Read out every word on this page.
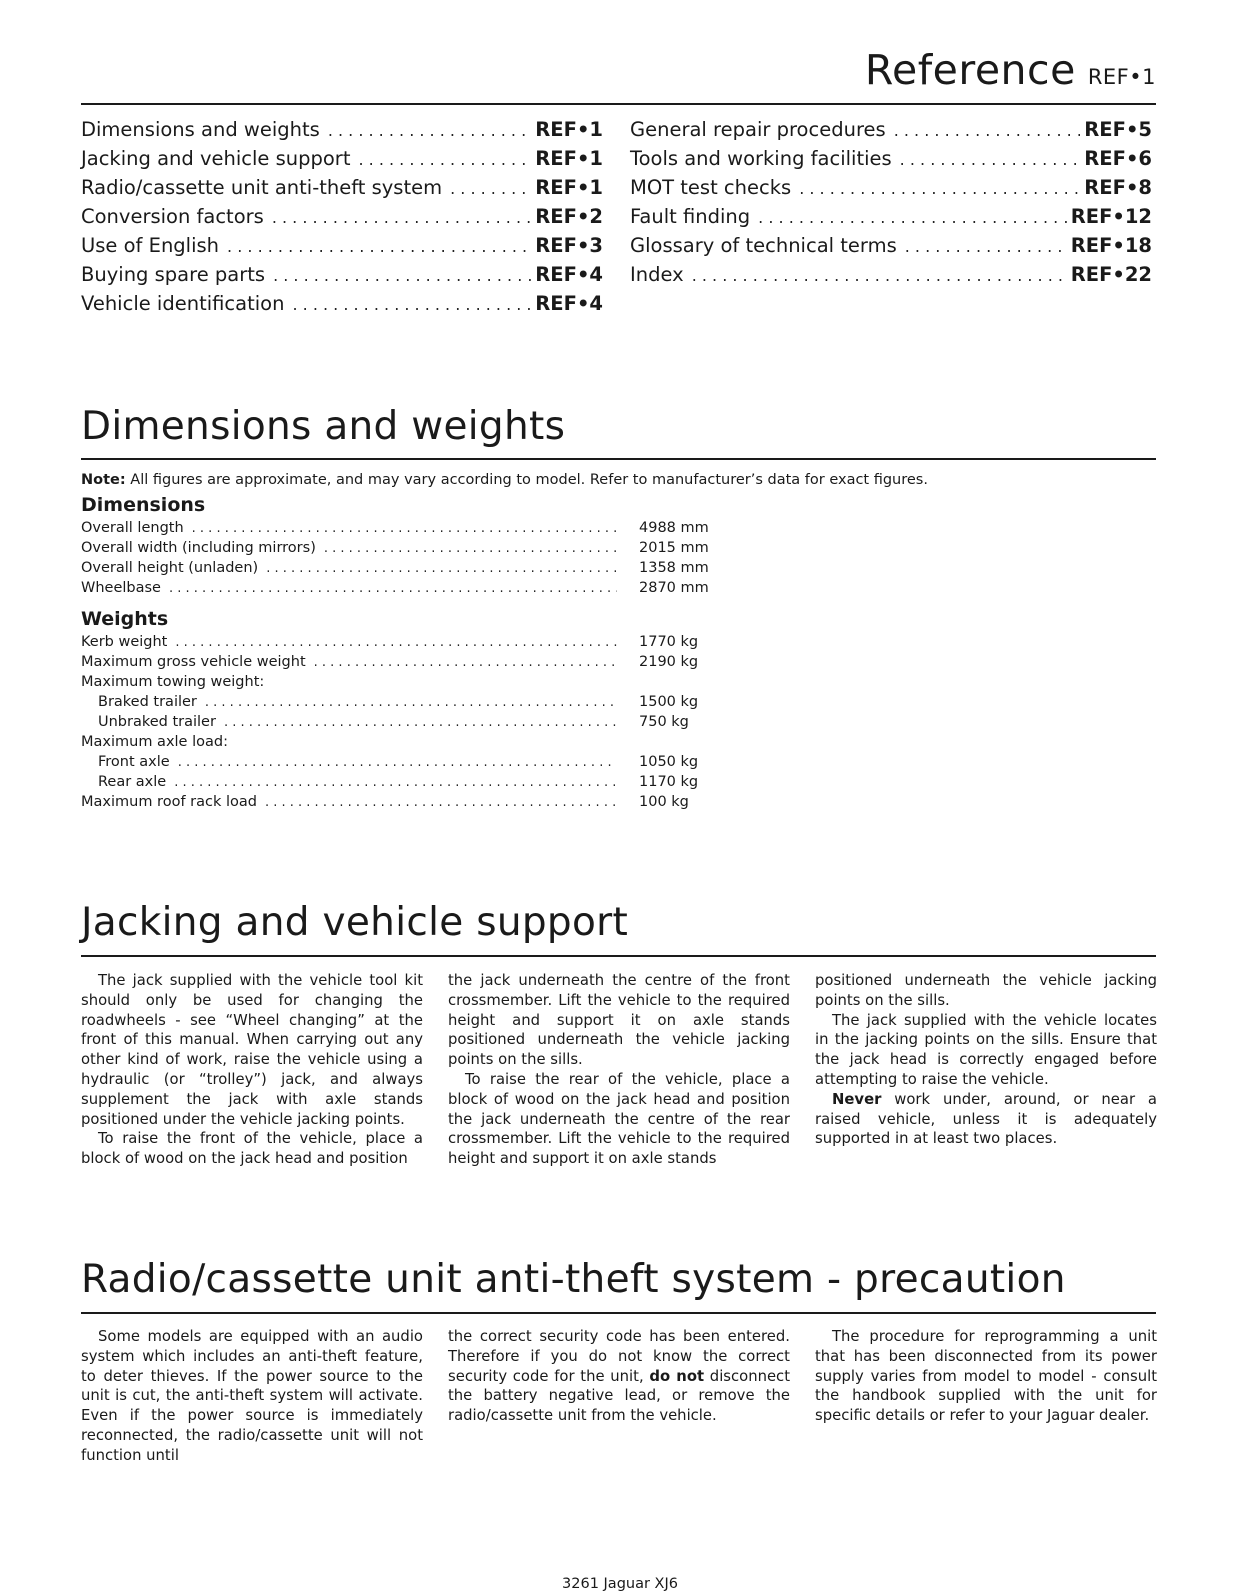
Reference REF•1
Dimensions and weights . . .	REF•1
Jacking and vehicle support . . .	REF•1
Radio/cassette unit anti-theft system . . .	REF•1
Conversion factors . . .	REF•2
Use of English . . .	REF•3
Buying spare parts . . .	REF•4
Vehicle identification . . .	REF•4
General repair procedures . . .	REF•5
Tools and working facilities . . .	REF•6
MOT test checks . . .	REF•8
Fault finding . . .	REF•12
Glossary of technical terms . . .	REF•18
Index . . .	REF•22
Dimensions and weights
Note: All figures are approximate, and may vary according to model. Refer to manufacturer’s data for exact figures.
Dimensions
Overall length . . .	4988 mm
Overall width (including mirrors) . . .	2015 mm
Overall height (unladen) . . .	1358 mm
Wheelbase . . .	2870 mm
Weights
Kerb weight . . .	1770 kg
Maximum gross vehicle weight . . .	2190 kg
Maximum towing weight:
Braked trailer . . .	1500 kg
Unbraked trailer . . .	750 kg
Maximum axle load:
Front axle . . .	1050 kg
Rear axle . . .	1170 kg
Maximum roof rack load . . .	100 kg
Jacking and vehicle support

The jack supplied with the vehicle tool kit should only be used for changing the roadwheels - see “Wheel changing” at the front of this manual. When carrying out any other kind of work, raise the vehicle using a hydraulic (or “trolley”) jack, and always supplement the jack with axle stands positioned under the vehicle jacking points.

To raise the front of the vehicle, place a block of wood on the jack head and position

the jack underneath the centre of the front crossmember. Lift the vehicle to the required height and support it on axle stands positioned underneath the vehicle jacking points on the sills.

To raise the rear of the vehicle, place a block of wood on the jack head and position the jack underneath the centre of the rear crossmember. Lift the vehicle to the required height and support it on axle stands

positioned underneath the vehicle jacking points on the sills.

The jack supplied with the vehicle locates in the jacking points on the sills. Ensure that the jack head is correctly engaged before attempting to raise the vehicle.

Never work under, around, or near a raised vehicle, unless it is adequately supported in at least two places.

Radio/cassette unit anti-theft system - precaution

Some models are equipped with an audio system which includes an anti-theft feature, to deter thieves. If the power source to the unit is cut, the anti-theft system will activate. Even if the power source is immediately reconnected, the radio/cassette unit will not function until

the correct security code has been entered. Therefore if you do not know the correct security code for the unit, do not disconnect the battery negative lead, or remove the radio/cassette unit from the vehicle.

The procedure for reprogramming a unit that has been disconnected from its power supply varies from model to model - consult the handbook supplied with the unit for specific details or refer to your Jaguar dealer.

3261 Jaguar XJ6
